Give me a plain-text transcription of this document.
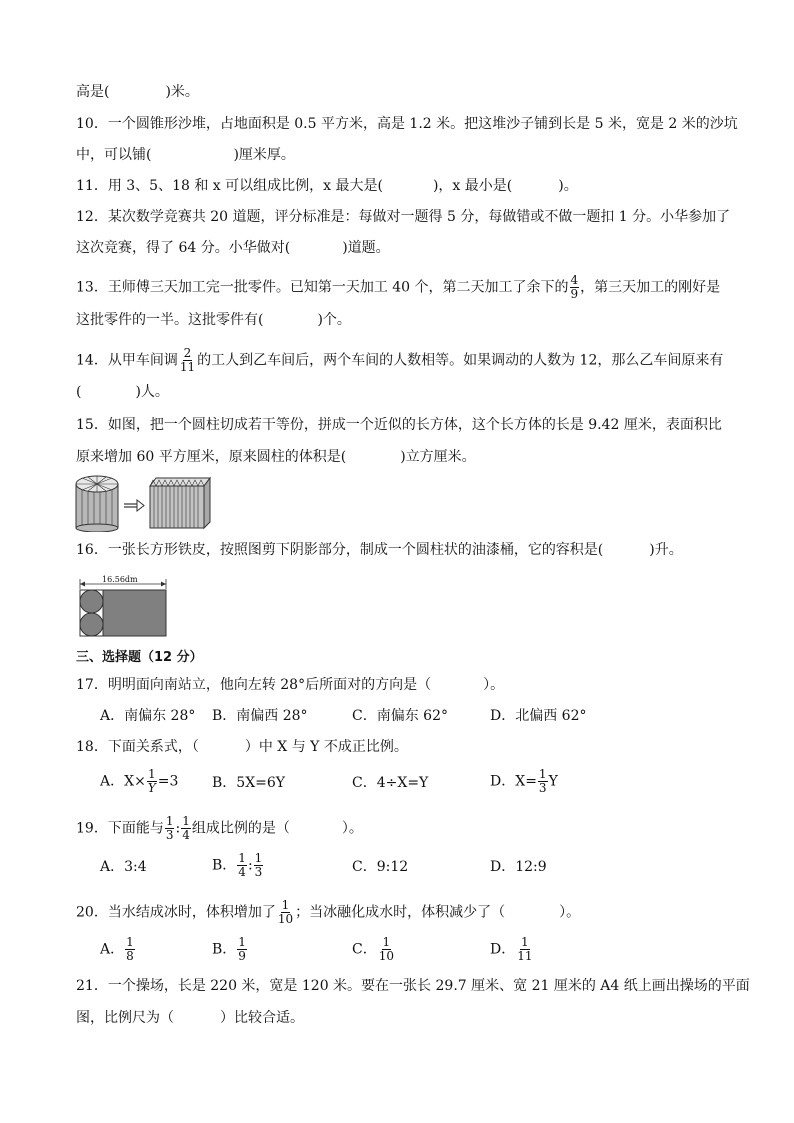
高是(	)米。
10．一个圆锥形沙堆，占地面积是 0.5 平方米，高是 1.2 米。把这堆沙子铺到长是 5 米，宽是 2 米的沙坑
中，可以铺(	)厘米厚。
11．用 3、5、18 和 x 可以组成比例，x 最大是(	)，x 最小是(	)。
12．某次数学竞赛共 20 道题，评分标准是：每做对一题得 5 分，每做错或不做一题扣 1 分。小华参加了
这次竞赛，得了 64 分。小华做对(	)道题。
13．王师傅三天加工完一批零件。已知第一天加工 40 个，第二天加工了余下的 $\frac{4}{9}$ ，第三天加工的刚好是
这批零件的一半。这批零件有(	)个。
14．从甲车间调 $\frac{2}{11}$ 的工人到乙车间后，两个车间的人数相等。如果调动的人数为 12，那么乙车间原来有
(	)人。
15．如图，把一个圆柱切成若干等份，拼成一个近似的长方体，这个长方体的长是 9.42 厘米，表面积比
原来增加 60 平方厘米，原来圆柱的体积是(	)立方厘米。
16．一张长方形铁皮，按照图剪下阴影部分，制成一个圆柱状的油漆桶，它的容积是(	)升。
16.56dm
三、选择题（12 分）
17．明明面向南站立，他向左转 28°后所面对的方向是（	）。
A．南偏东 28° B．南偏西 28°	C．南偏东 62°	D．北偏西 62°
18．下面关系式，（	）中 X 与 Y 不成正比例。
A．$X\times \frac{1}{Y} =3$ B．5X=6Y	C．4÷X=Y	D．$X= \frac{1}{3}$ Y
19．下面能与 $\frac{1}{3}$ : $\frac{1}{4}$ 组成比例的是（	）。
A．3:4	B． $\frac{1}{4}$ : $\frac{1}{3}$	C．9:12	D．12:9
20．当水结成冰时，体积增加了 $\frac{1}{10}$ ；当冰融化成水时，体积减少了（	）。
A． $\frac{1}{8}$	B． $\frac{1}{9}$	C． $\frac{1}{10}$	D． $\frac{1}{11}$
21．一个操场，长是 220 米，宽是 120 米。要在一张长 29.7 厘米、宽 21 厘米的 A4 纸上画出操场的平面
图，比例尺为（	）比较合适。
